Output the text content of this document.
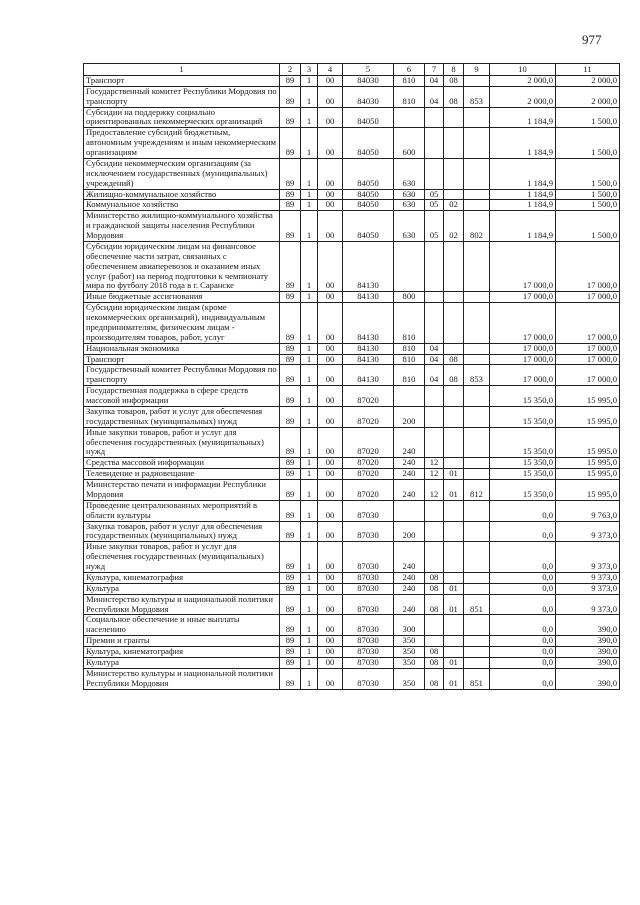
977
1	2	3	4	5	6	7	8	9	10	11
Транспорт	89	1	00	84030	810	04	08		2 000,0	2 000,0
Государственный комитет Республики Мордовия по транспорту	89	1	00	84030	810	04	08	853	2 000,0	2 000,0
Субсидии на поддержку социально ориентированных некоммерческих организаций	89	1	00	84050					1 184,9	1 500,0
Предоставление субсидий бюджетным, автономным учреждениям и иным некоммерческим организациям	89	1	00	84050	600				1 184,9	1 500,0
Субсидии некоммерческим организациям (за исключением государственных (муниципальных) учреждений)	89	1	00	84050	630				1 184,9	1 500,0
Жилищно-коммунальное хозяйство	89	1	00	84050	630	05			1 184,9	1 500,0
Коммунальное хозяйство	89	1	00	84050	630	05	02		1 184,9	1 500,0
Министерство жилищно-коммунального хозяйства и гражданской защиты населения Республики Мордовия	89	1	00	84050	630	05	02	802	1 184,9	1 500,0
Субсидии юридическим лицам на финансовое обеспечение части затрат, связанных с обеспечением авиаперевозок и оказанием иных услуг (работ) на период подготовки к чемпионату мира по футболу 2018 года в г. Саранске	89	1	00	84130					17 000,0	17 000,0
Иные бюджетные ассигнования	89	1	00	84130	800				17 000,0	17 000,0
Субсидии юридическим лицам (кроме некоммерческих организаций), индивидуальным предпринимателям, физическим лицам - производителям товаров, работ, услуг	89	1	00	84130	810				17 000,0	17 000,0
Национальная экономика	89	1	00	84130	810	04			17 000,0	17 000,0
Транспорт	89	1	00	84130	810	04	08		17 000,0	17 000,0
Государственный комитет Республики Мордовия по транспорту	89	1	00	84130	810	04	08	853	17 000,0	17 000,0
Государственная поддержка в сфере средств массовой информации	89	1	00	87020					15 350,0	15 995,0
Закупка товаров, работ и услуг для обеспечения государственных (муниципальных) нужд	89	1	00	87020	200				15 350,0	15 995,0
Иные закупки товаров, работ и услуг для обеспечения государственных (муниципальных) нужд	89	1	00	87020	240				15 350,0	15 995,0
Средства массовой информации	89	1	00	87020	240	12			15 350,0	15 995,0
Телевидение и радиовещание	89	1	00	87020	240	12	01		15 350,0	15 995,0
Министерство печати и информации Республики Мордовия	89	1	00	87020	240	12	01	812	15 350,0	15 995,0
Проведение централизованных мероприятий в области культуры	89	1	00	87030					0,0	9 763,0
Закупка товаров, работ и услуг для обеспечения государственных (муниципальных) нужд	89	1	00	87030	200				0,0	9 373,0
Иные закупки товаров, работ и услуг для обеспечения государственных (муниципальных) нужд	89	1	00	87030	240				0,0	9 373,0
Культура, кинематография	89	1	00	87030	240	08			0,0	9 373,0
Культура	89	1	00	87030	240	08	01		0,0	9 373,0
Министерство культуры и национальной политики Республики Мордовия	89	1	00	87030	240	08	01	851	0,0	9 373,0
Социальное обеспечение и иные выплаты населению	89	1	00	87030	300				0,0	390,0
Премии и гранты	89	1	00	87030	350				0,0	390,0
Культура, кинематография	89	1	00	87030	350	08			0,0	390,0
Культура	89	1	00	87030	350	08	01		0,0	390,0
Министерство культуры и национальной политики Республики Мордовия	89	1	00	87030	350	08	01	851	0,0	390,0
